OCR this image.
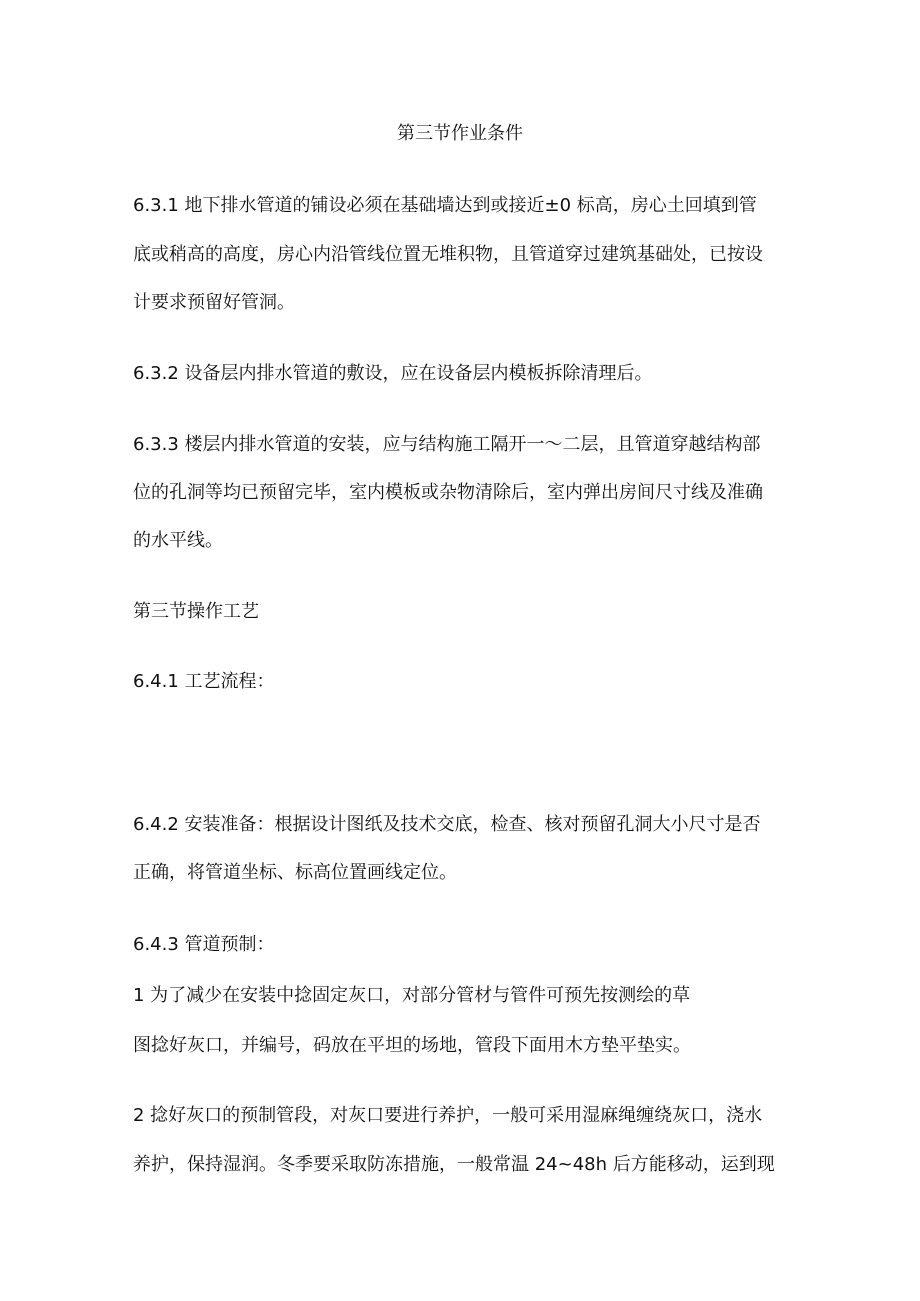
第三节作业条件
6.3.1 地下排水管道的铺设必须在基础墙达到或接近±0 标高，房心土回填到管
底或稍高的高度，房心内沿管线位置无堆积物，且管道穿过建筑基础处，已按设
计要求预留好管洞。
6.3.2 设备层内排水管道的敷设，应在设备层内模板拆除清理后。
6.3.3 楼层内排水管道的安装，应与结构施工隔开一～二层，且管道穿越结构部
位的孔洞等均已预留完毕，室内模板或杂物清除后，室内弹出房间尺寸线及准确
的水平线。
第三节操作工艺
6.4.1 工艺流程：
6.4.2 安装准备：根据设计图纸及技术交底，检查、核对预留孔洞大小尺寸是否
正确，将管道坐标、标高位置画线定位。
6.4.3 管道预制：
1 为了减少在安装中捻固定灰口，对部分管材与管件可预先按测绘的草
图捻好灰口，并编号，码放在平坦的场地，管段下面用木方垫平垫实。
2 捻好灰口的预制管段，对灰口要进行养护，一般可采用湿麻绳缠绕灰口，浇水
养护，保持湿润。冬季要采取防冻措施，一般常温 24~48h 后方能移动，运到现
